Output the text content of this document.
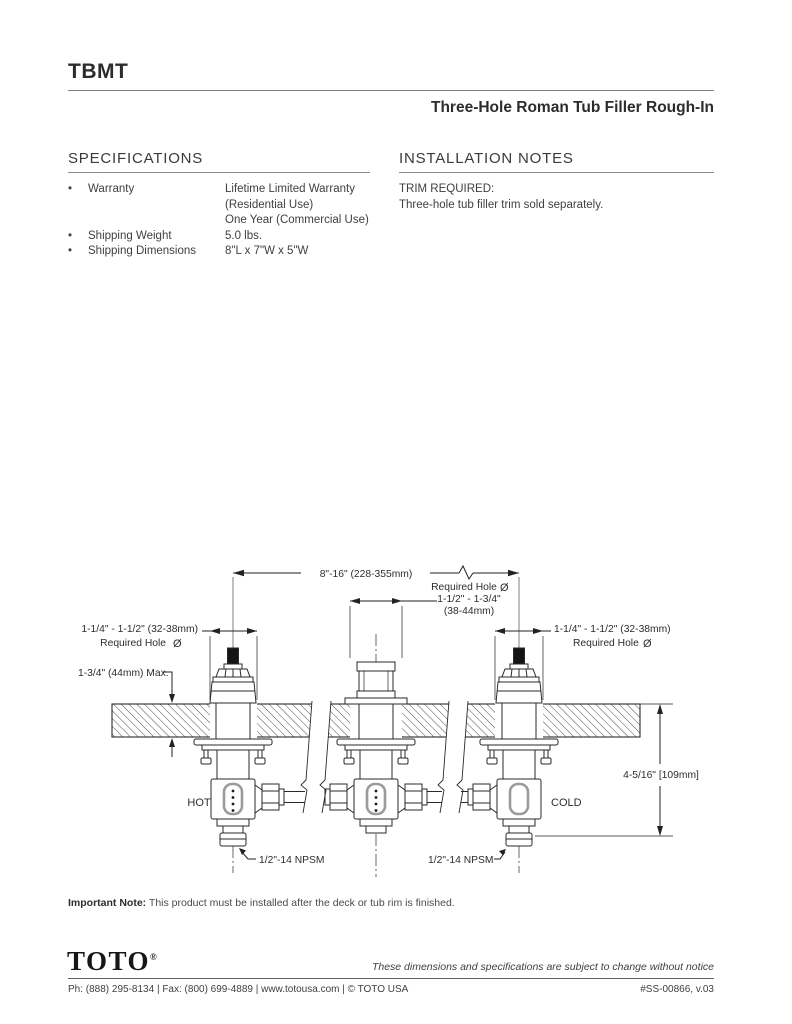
TBMT
Three-Hole Roman Tub Filler Rough-In
SPECIFICATIONS
•	Warranty	Lifetime Limited Warranty
(Residential Use)
One Year (Commercial Use)
•	Shipping Weight	5.0 lbs.
•	Shipping Dimensions	8"L x 7"W x 5"W
INSTALLATION NOTES
TRIM REQUIRED:
Three-hole tub filler trim sold separately.
8"-16" (228-355mm)
Required Hole Ø
1-1/2" - 1-3/4"
(38-44mm)
1-1/4" - 1-1/2" (32-38mm)
Required Hole Ø
1-1/4" - 1-1/2" (32-38mm)
Required Hole Ø
1-3/4" (44mm) Max.
4-5/16" [109mm]
HOT	COLD
1/2"-14 NPSM	1/2"-14 NPSM
Important Note: This product must be installed after the deck or tub rim is finished.
TOTO®
These dimensions and specifications are subject to change without notice
Ph: (888) 295-8134 | Fax: (800) 699-4889 | www.totousa.com | © TOTO USA	#SS-00866, v.03
